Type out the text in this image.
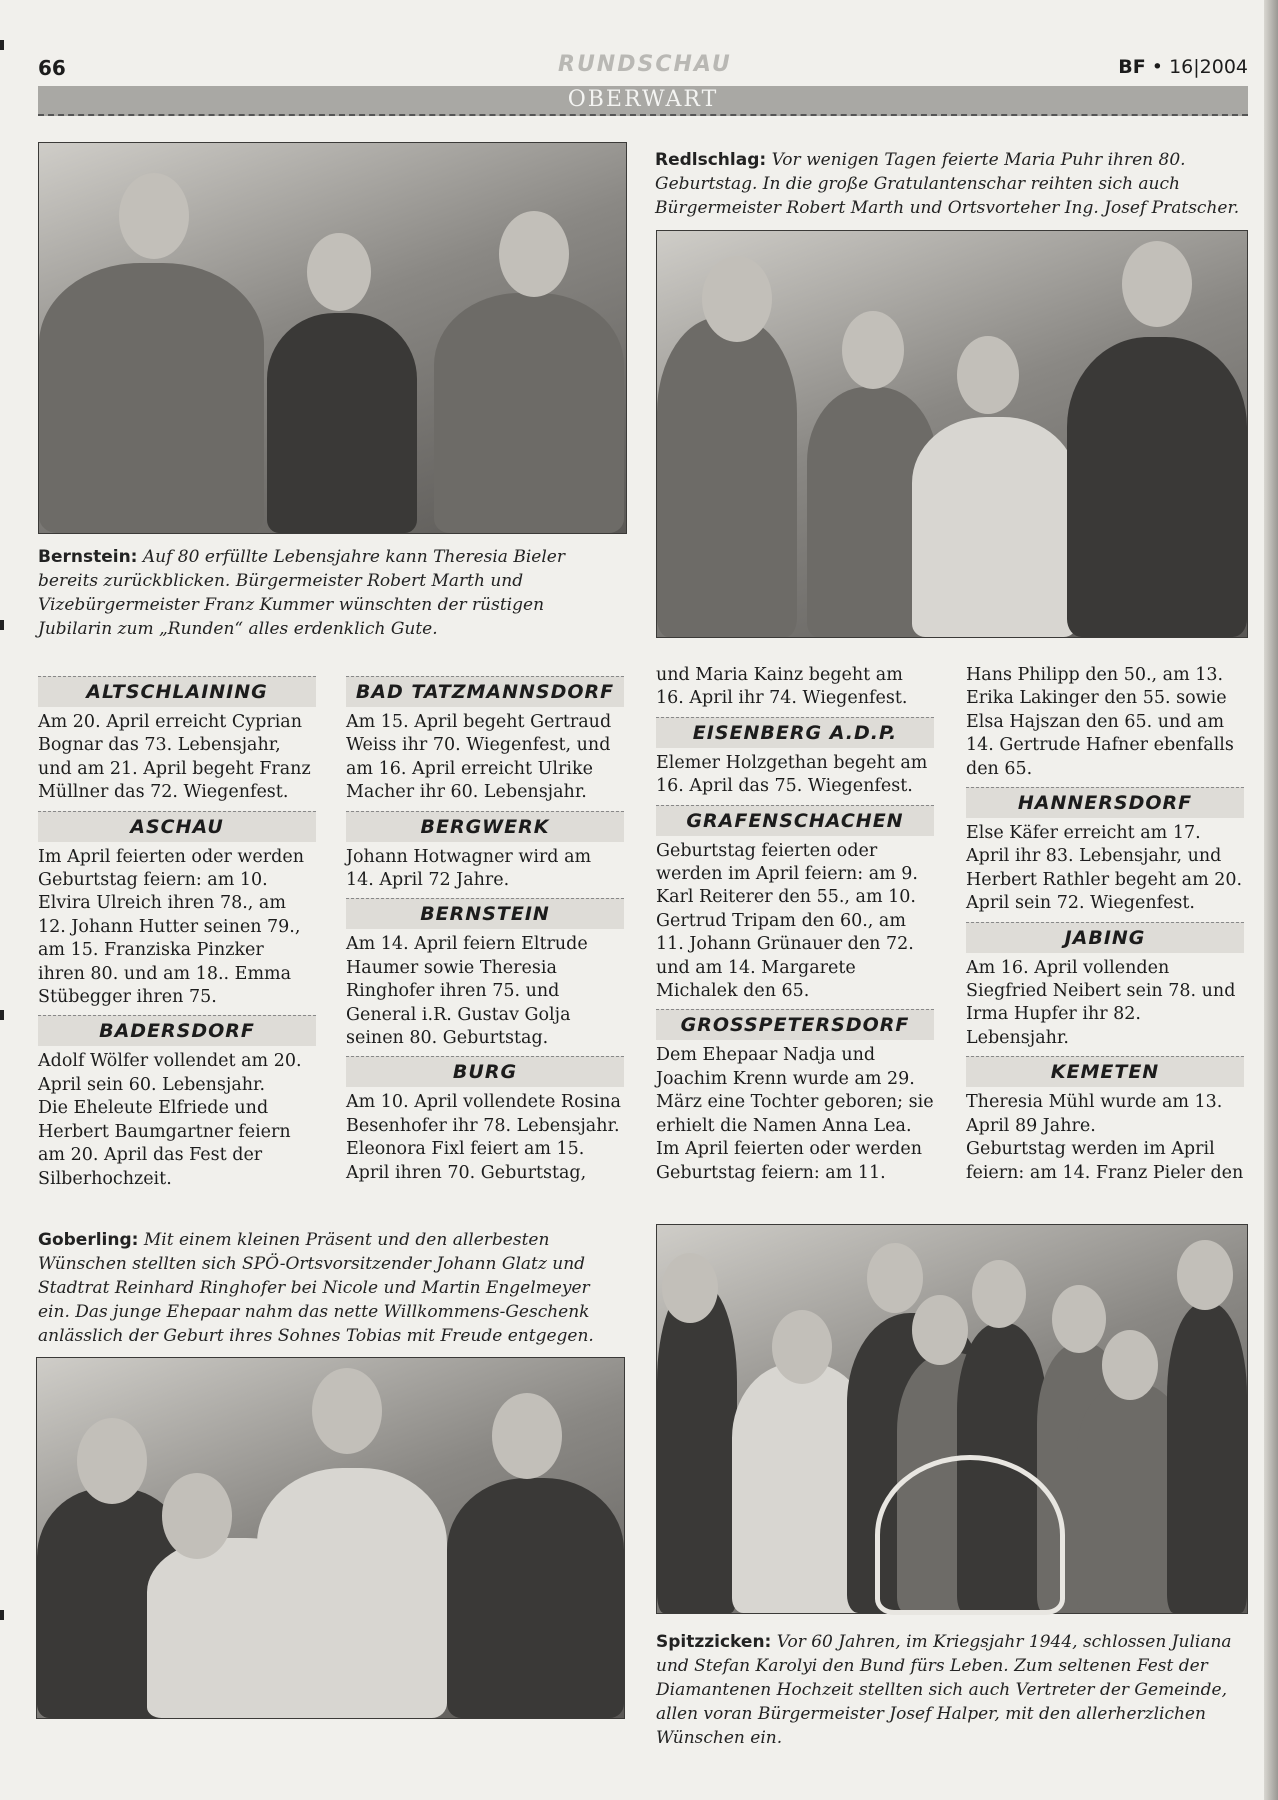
66	RUNDSCHAU	BF • 16|2004
OBERWART
Bernstein: Auf 80 erfüllte Lebensjahre kann Theresia Bieler bereits zurückblicken. Bürgermeister Robert Marth und Vizebürgermeister Franz Kummer wünschten der rüstigen Jubilarin zum „Runden“ alles erdenklich Gute.
Redlschlag: Vor wenigen Tagen feierte Maria Puhr ihren 80. Geburtstag. In die große Gratulantenschar reihten sich auch Bürgermeister Robert Marth und Ortsvorteher Ing. Josef Pratscher.
ALTSCHLAINING

Am 20. April erreicht Cyprian Bognar das 73. Lebensjahr, und am 21. April begeht Franz Müllner das 72. Wiegenfest.

ASCHAU

Im April feierten oder werden Geburtstag feiern: am 10. Elvira Ulreich ihren 78., am 12. Johann Hutter seinen 79., am 15. Franziska Pinzker ihren 80. und am 18.. Emma Stübegger ihren 75.

BADERSDORF

Adolf Wölfer vollendet am 20. April sein 60. Lebensjahr.

Die Eheleute Elfriede und Herbert Baumgartner feiern am 20. April das Fest der Silberhochzeit.

BAD TATZMANNSDORF

Am 15. April begeht Gertraud Weiss ihr 70. Wiegenfest, und am 16. April erreicht Ulrike Macher ihr 60. Lebensjahr.

BERGWERK

Johann Hotwagner wird am 14. April 72 Jahre.

BERNSTEIN

Am 14. April feiern Eltrude Haumer sowie Theresia Ringhofer ihren 75. und General i.R. Gustav Golja seinen 80. Geburtstag.

BURG

Am 10. April vollendete Rosina Besenhofer ihr 78. Lebensjahr. Eleonora Fixl feiert am 15. April ihren 70. Geburtstag,

und Maria Kainz begeht am 16. April ihr 74. Wiegenfest.

EISENBERG A.D.P.

Elemer Holzgethan begeht am 16. April das 75. Wiegenfest.

GRAFENSCHACHEN

Geburtstag feierten oder werden im April feiern: am 9. Karl Reiterer den 55., am 10. Gertrud Tripam den 60., am 11. Johann Grünauer den 72. und am 14. Margarete Michalek den 65.

GROSSPETERSDORF

Dem Ehepaar Nadja und Joachim Krenn wurde am 29. März eine Tochter geboren; sie erhielt die Namen Anna Lea.

Im April feierten oder werden Geburtstag feiern: am 11.

Hans Philipp den 50., am 13. Erika Lakinger den 55. sowie Elsa Hajszan den 65. und am 14. Gertrude Hafner ebenfalls den 65.

HANNERSDORF

Else Käfer erreicht am 17. April ihr 83. Lebensjahr, und Herbert Rathler begeht am 20. April sein 72. Wiegenfest.

JABING

Am 16. April vollenden Siegfried Neibert sein 78. und Irma Hupfer ihr 82. Lebensjahr.

KEMETEN

Theresia Mühl wurde am 13. April 89 Jahre.

Geburtstag werden im April feiern: am 14. Franz Pieler den

Goberling: Mit einem kleinen Präsent und den allerbesten Wünschen stellten sich SPÖ-Ortsvorsitzender Johann Glatz und Stadtrat Reinhard Ringhofer bei Nicole und Martin Engelmeyer ein. Das junge Ehepaar nahm das nette Willkommens-Geschenk anlässlich der Geburt ihres Sohnes Tobias mit Freude entgegen.
Spitzzicken: Vor 60 Jahren, im Kriegsjahr 1944, schlossen Juliana und Stefan Karolyi den Bund fürs Leben. Zum seltenen Fest der Diamantenen Hochzeit stellten sich auch Vertreter der Gemeinde, allen voran Bürgermeister Josef Halper, mit den allerherzlichen Wünschen ein.
